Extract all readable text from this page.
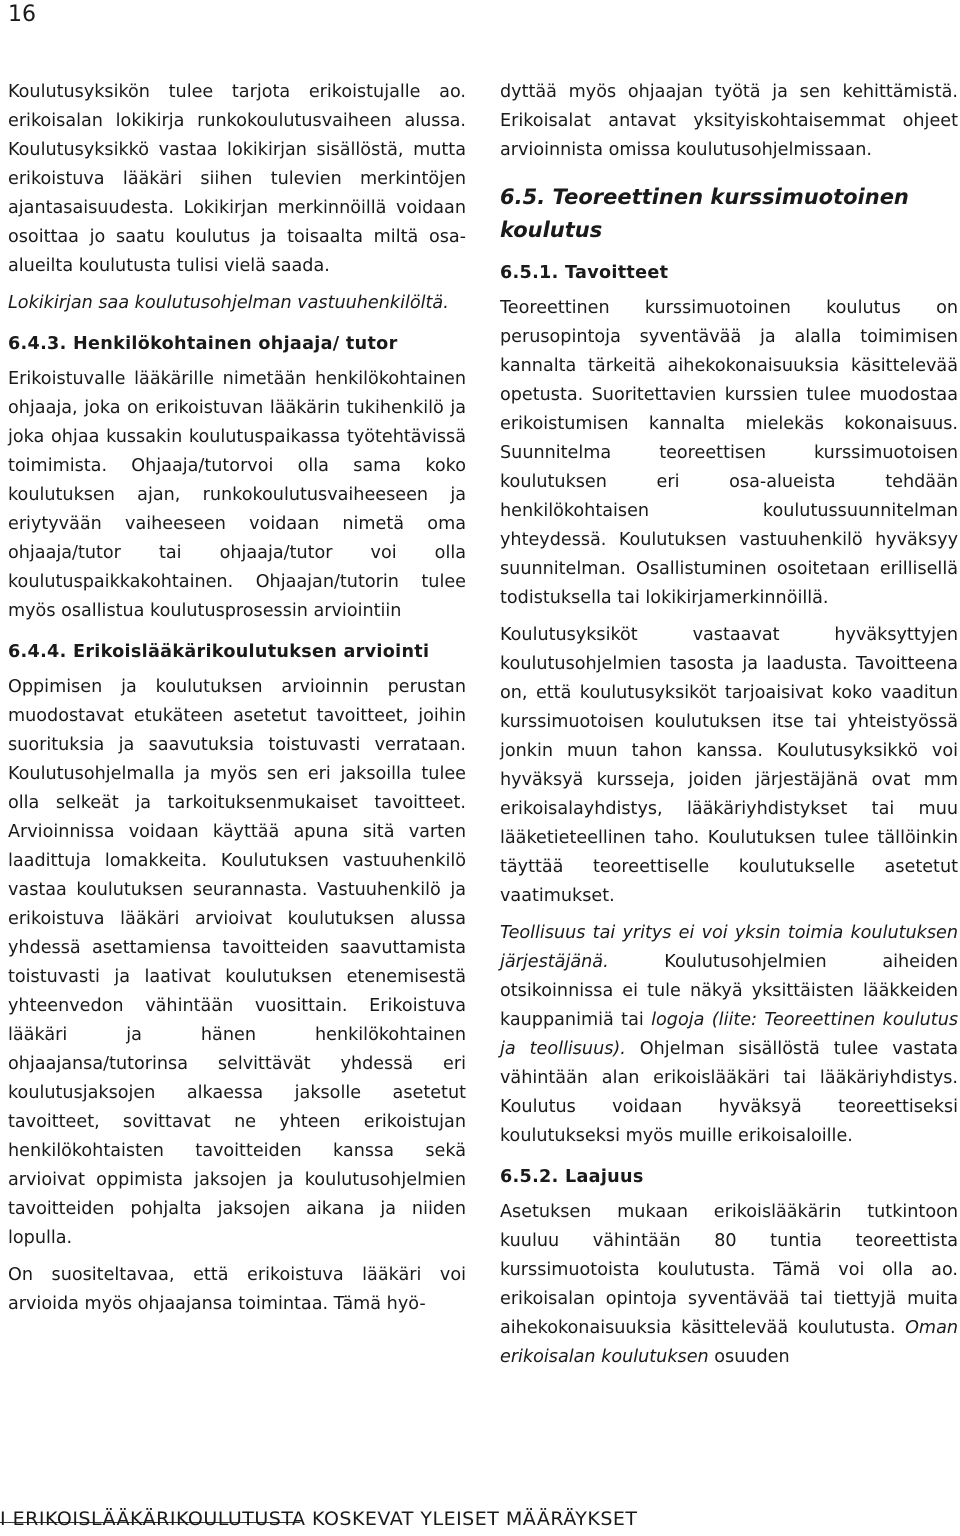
16

Koulutusyksikön tulee tarjota erikoistujalle ao. erikoisalan lokikirja runkokoulutusvaiheen alussa. Koulutusyksikkö vastaa lokikirjan sisällöstä, mutta erikoistuva lääkäri siihen tulevien merkintöjen ajantasaisuudesta. Lokikirjan merkinnöillä voidaan osoittaa jo saatu koulutus ja toisaalta miltä osa-alueilta koulutusta tulisi vielä saada.

Lokikirjan saa koulutusohjelman vastuuhenkilöltä.

6.4.3. Henkilökohtainen ohjaaja/ tutor

Erikoistuvalle lääkärille nimetään henkilökohtainen ohjaaja, joka on erikoistuvan lääkärin tukihenkilö ja joka ohjaa kussakin koulutuspaikassa työtehtävissä toimimista. Ohjaaja/tutorvoi olla sama koko koulutuksen ajan, runkokoulutusvaiheeseen ja eriytyvään vaiheeseen voidaan nimetä oma ohjaaja/tutor tai ohjaaja/tutor voi olla koulutuspaikkakohtainen. Ohjaajan/tutorin tulee myös osallistua koulutusprosessin arviointiin

6.4.4. Erikoislääkärikoulutuksen arviointi

Oppimisen ja koulutuksen arvioinnin perustan muodostavat etukäteen asetetut tavoitteet, joihin suorituksia ja saavutuksia toistuvasti verrataan. Koulutusohjelmalla ja myös sen eri jaksoilla tulee olla selkeät ja tarkoituksenmukaiset tavoitteet. Arvioinnissa voidaan käyttää apuna sitä varten laadittuja lomakkeita. Koulutuksen vastuuhenkilö vastaa koulutuksen seurannasta. Vastuuhenkilö ja erikoistuva lääkäri arvioivat koulutuksen alussa yhdessä asettamiensa tavoitteiden saavuttamista toistuvasti ja laativat koulutuksen etenemisestä yhteenvedon vähintään vuosittain. Erikoistuva lääkäri ja hänen henkilökohtainen ohjaajansa/tutorinsa selvittävät yhdessä eri koulutusjaksojen alkaessa jaksolle asetetut tavoitteet, sovittavat ne yhteen erikoistujan henkilökohtaisten tavoitteiden kanssa sekä arvioivat oppimista jaksojen ja koulutusohjelmien tavoitteiden pohjalta jaksojen aikana ja niiden lopulla.

On suositeltavaa, että erikoistuva lääkäri voi arvioida myös ohjaajansa toimintaa. Tämä hyö-

dyttää myös ohjaajan työtä ja sen kehittämistä. Erikoisalat antavat yksityiskohtaisemmat ohjeet arvioinnista omissa koulutusohjelmissaan.

6.5. Teoreettinen kurssimuotoinen koulutus
6.5.1. Tavoitteet

Teoreettinen kurssimuotoinen koulutus on perusopintoja syventävää ja alalla toimimisen kannalta tärkeitä aihekokonaisuuksia käsittelevää opetusta. Suoritettavien kurssien tulee muodostaa erikoistumisen kannalta mielekäs kokonaisuus. Suunnitelma teoreettisen kurssimuotoisen koulutuksen eri osa-alueista tehdään henkilökohtaisen koulutussuunnitelman yhteydessä. Koulutuksen vastuuhenkilö hyväksyy suunnitelman. Osallistuminen osoitetaan erillisellä todistuksella tai lokikirjamerkinnöillä.

Koulutusyksiköt vastaavat hyväksyttyjen koulutusohjelmien tasosta ja laadusta. Tavoitteena on, että koulutusyksiköt tarjoaisivat koko vaaditun kurssimuotoisen koulutuksen itse tai yhteistyössä jonkin muun tahon kanssa. Koulutusyksikkö voi hyväksyä kursseja, joiden järjestäjänä ovat mm erikoisalayhdistys, lääkäriyhdistykset tai muu lääketieteellinen taho. Koulutuksen tulee tällöinkin täyttää teoreettiselle koulutukselle asetetut vaatimukset.

Teollisuus tai yritys ei voi yksin toimia koulutuksen järjestäjänä. Koulutusohjelmien aiheiden otsikoinnissa ei tule näkyä yksittäisten lääkkeiden kauppanimiä tai logoja (liite: Teoreettinen koulutus ja teollisuus). Ohjelman sisällöstä tulee vastata vähintään alan erikoislääkäri tai lääkäriyhdistys. Koulutus voidaan hyväksyä teoreettiseksi koulutukseksi myös muille erikoisaloille.

6.5.2. Laajuus

Asetuksen mukaan erikoislääkärin tutkintoon kuuluu vähintään 80 tuntia teoreettista kurssimuotoista koulutusta. Tämä voi olla ao. erikoisalan opintoja syventävää tai tiettyjä muita aihekokonaisuuksia käsittelevää koulutusta. Oman erikoisalan koulutuksen osuuden

I ERIKOISLÄÄKÄRIKOULUTUSTA KOSKEVAT YLEISET MÄÄRÄYKSET
